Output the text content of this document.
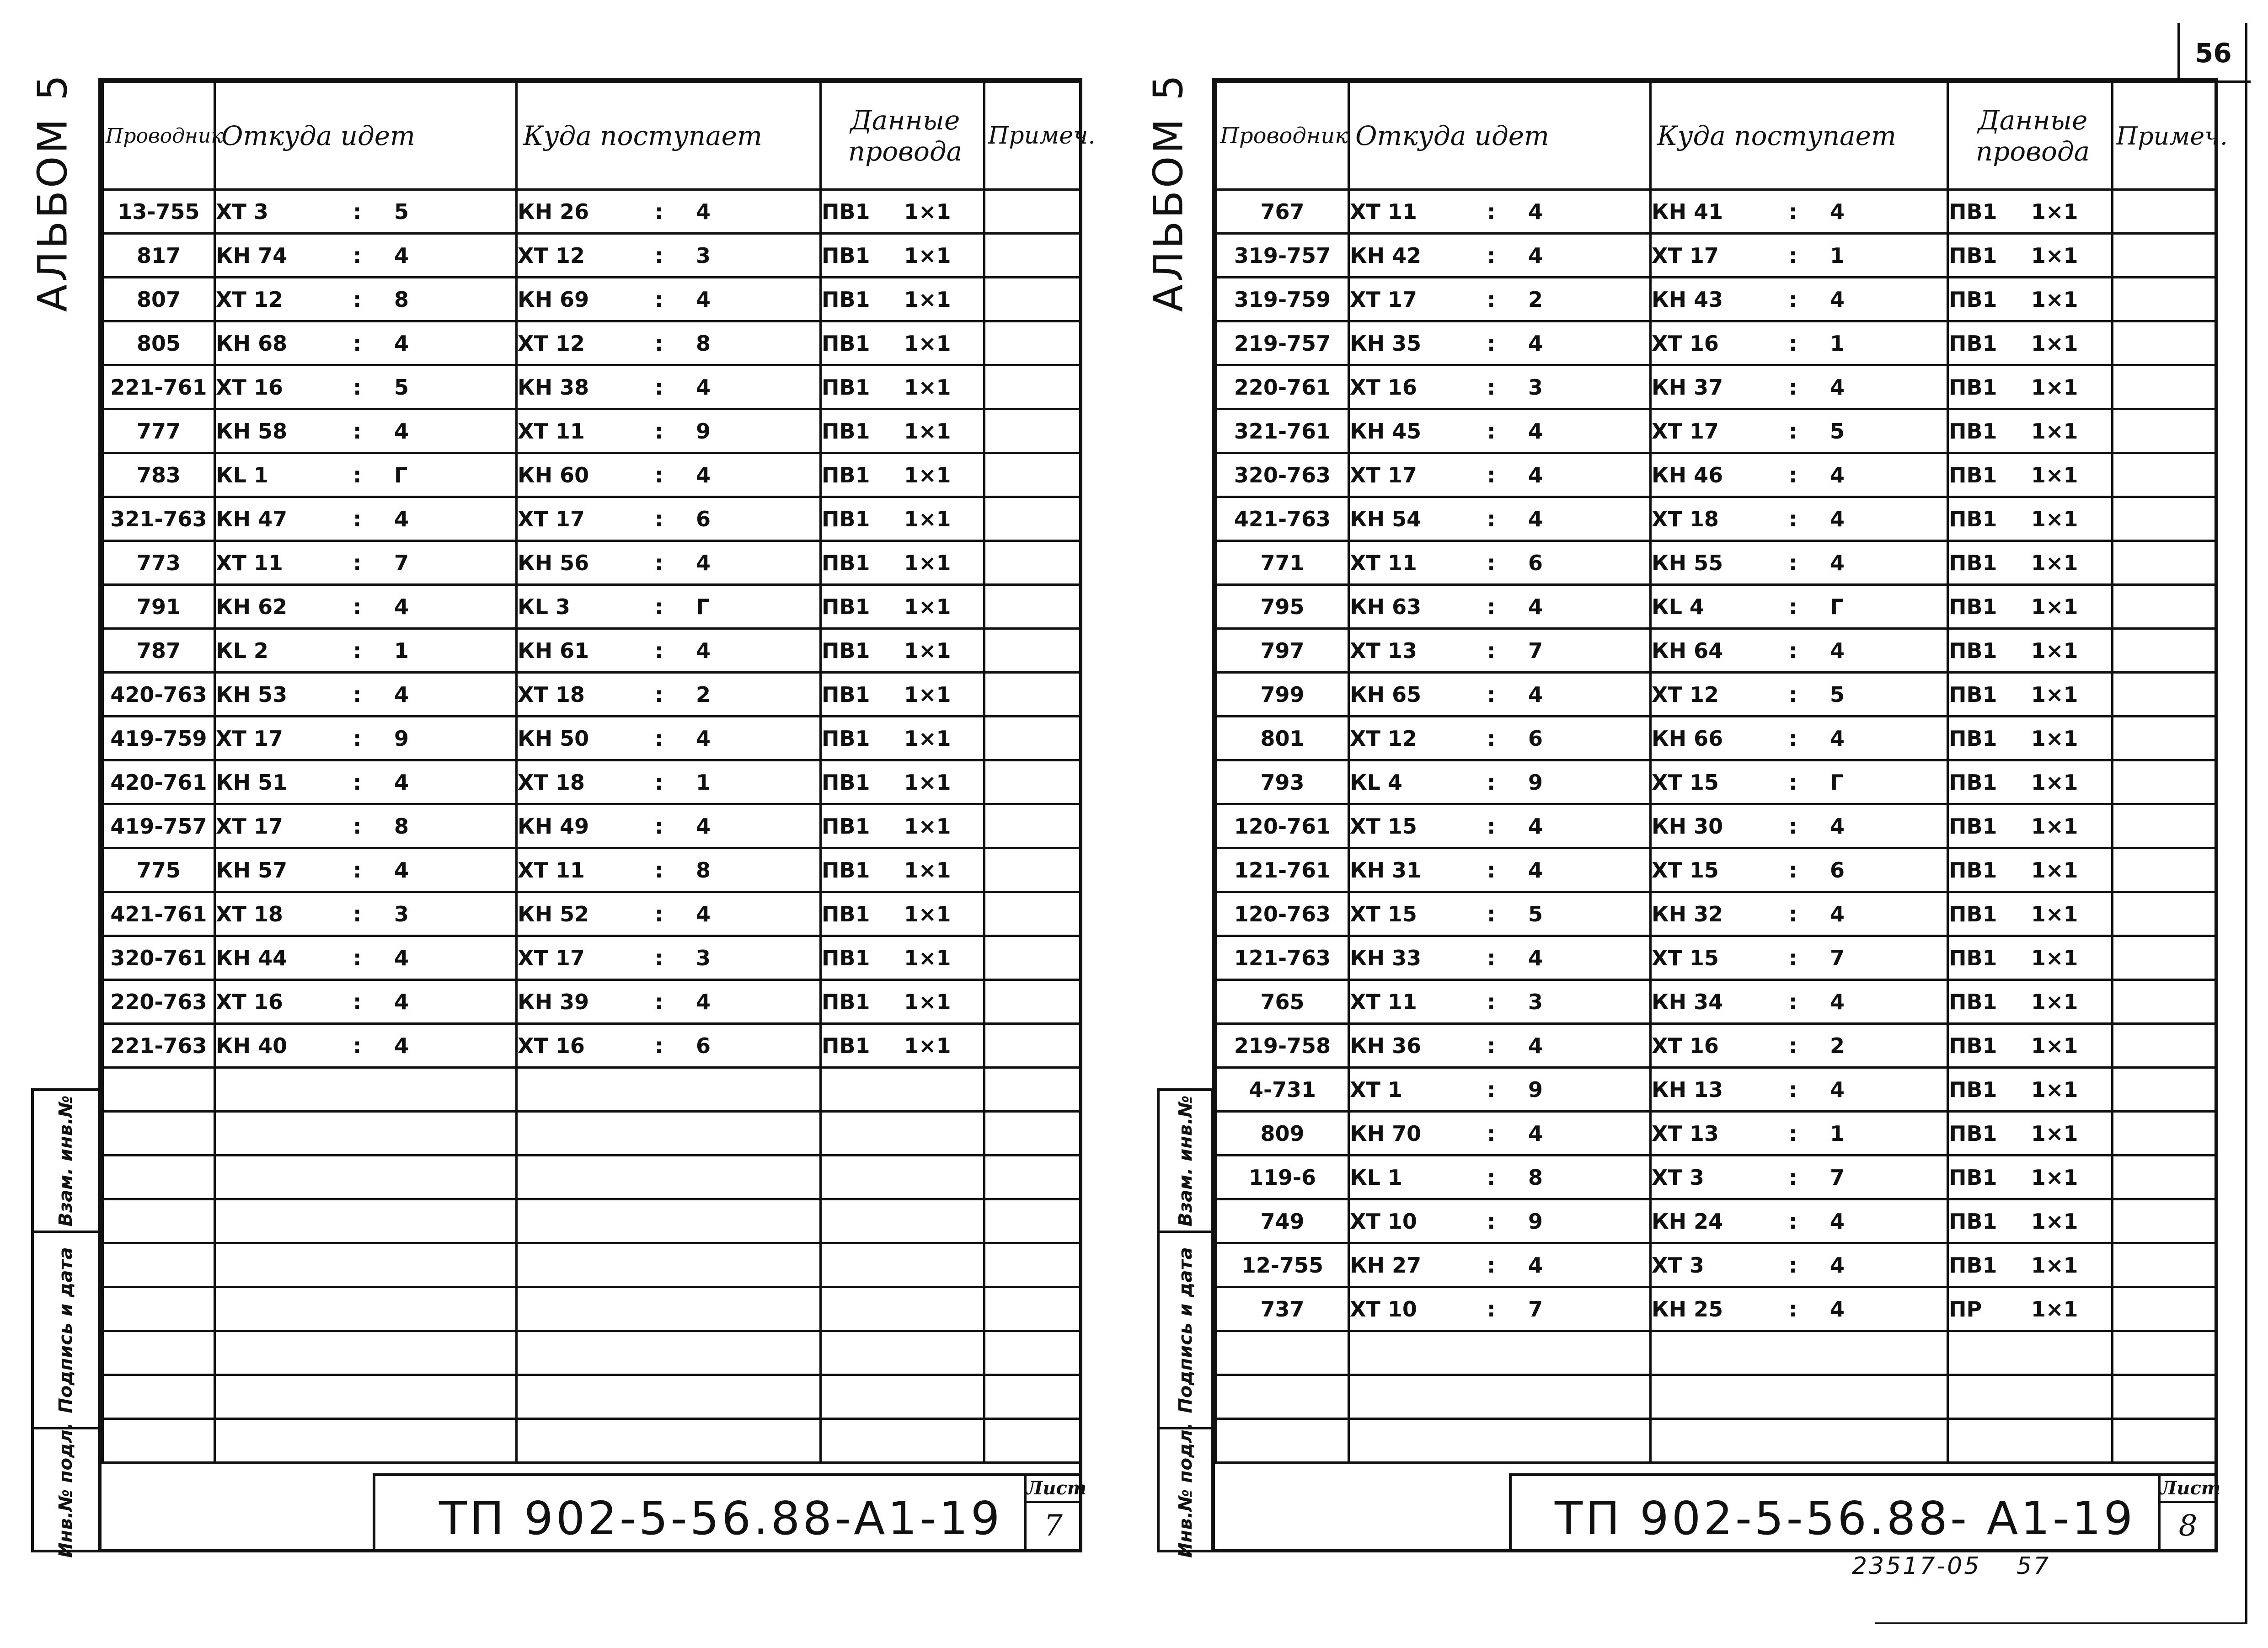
56
Проводник	Откуда идет	Куда поступает	Данные провода	Примеч.
13-755	ХТ 3 : 5	КН 26 : 4	ПВ1 1×1	
817	КН 74 : 4	ХТ 12 : 3	ПВ1 1×1	
807	ХТ 12 : 8	КН 69 : 4	ПВ1 1×1	
805	КН 68 : 4	ХТ 12 : 8	ПВ1 1×1	
221-761	ХТ 16 : 5	КН 38 : 4	ПВ1 1×1	
777	КН 58 : 4	ХТ 11 : 9	ПВ1 1×1	
783	КL 1 : Г	КН 60 : 4	ПВ1 1×1	
321-763	КН 47 : 4	ХТ 17 : 6	ПВ1 1×1	
773	ХТ 11 : 7	КН 56 : 4	ПВ1 1×1	
791	КН 62 : 4	КL 3 : Г	ПВ1 1×1	
787	КL 2 : 1	КН 61 : 4	ПВ1 1×1	
420-763	КН 53 : 4	ХТ 18 : 2	ПВ1 1×1	
419-759	ХТ 17 : 9	КН 50 : 4	ПВ1 1×1	
420-761	КН 51 : 4	ХТ 18 : 1	ПВ1 1×1	
419-757	ХТ 17 : 8	КН 49 : 4	ПВ1 1×1	
775	КН 57 : 4	ХТ 11 : 8	ПВ1 1×1	
421-761	ХТ 18 : 3	КН 52 : 4	ПВ1 1×1	
320-761	КН 44 : 4	ХТ 17 : 3	ПВ1 1×1	
220-763	ХТ 16 : 4	КН 39 : 4	ПВ1 1×1	
221-763	КН 40 : 4	ХТ 16 : 6	ПВ1 1×1	

АЛЬБОМ 5
Взам. инв.№
Подпись и дата
Инв.№ подл.	ТП 902-5-56.88-А1-19
Лист
7
Проводник	Откуда идет	Куда поступает	Данные провода	Примеч.
767	ХТ 11 : 4	КН 41 : 4	ПВ1 1×1	
319-757	КН 42 : 4	ХТ 17 : 1	ПВ1 1×1	
319-759	ХТ 17 : 2	КН 43 : 4	ПВ1 1×1	
219-757	КН 35 : 4	ХТ 16 : 1	ПВ1 1×1	
220-761	ХТ 16 : 3	КН 37 : 4	ПВ1 1×1	
321-761	КН 45 : 4	ХТ 17 : 5	ПВ1 1×1	
320-763	ХТ 17 : 4	КН 46 : 4	ПВ1 1×1	
421-763	КН 54 : 4	ХТ 18 : 4	ПВ1 1×1	
771	ХТ 11 : 6	КН 55 : 4	ПВ1 1×1	
795	КН 63 : 4	КL 4 : Г	ПВ1 1×1	
797	ХТ 13 : 7	КН 64 : 4	ПВ1 1×1	
799	КН 65 : 4	ХТ 12 : 5	ПВ1 1×1	
801	ХТ 12 : 6	КН 66 : 4	ПВ1 1×1	
793	КL 4 : 9	ХТ 15 : Г	ПВ1 1×1	
120-761	ХТ 15 : 4	КН 30 : 4	ПВ1 1×1	
121-761	КН 31 : 4	ХТ 15 : 6	ПВ1 1×1	
120-763	ХТ 15 : 5	КН 32 : 4	ПВ1 1×1	
121-763	КН 33 : 4	ХТ 15 : 7	ПВ1 1×1	
765	ХТ 11 : 3	КН 34 : 4	ПВ1 1×1	
219-758	КН 36 : 4	ХТ 16 : 2	ПВ1 1×1	
4-731	ХТ 1 : 9	КН 13 : 4	ПВ1 1×1	
809	КН 70 : 4	ХТ 13 : 1	ПВ1 1×1	
119-6	КL 1 : 8	ХТ 3 : 7	ПВ1 1×1	
749	ХТ 10 : 9	КН 24 : 4	ПВ1 1×1	
12-755	КН 27 : 4	ХТ 3 : 4	ПВ1 1×1	
737	ХТ 10 : 7	КН 25 : 4	ПР 1×1	

АЛЬБОМ 5
Взам. инв.№
Подпись и дата
Инв.№ подл.	ТП 902-5-56.88- А1-19
Лист
8
23517-05 57
